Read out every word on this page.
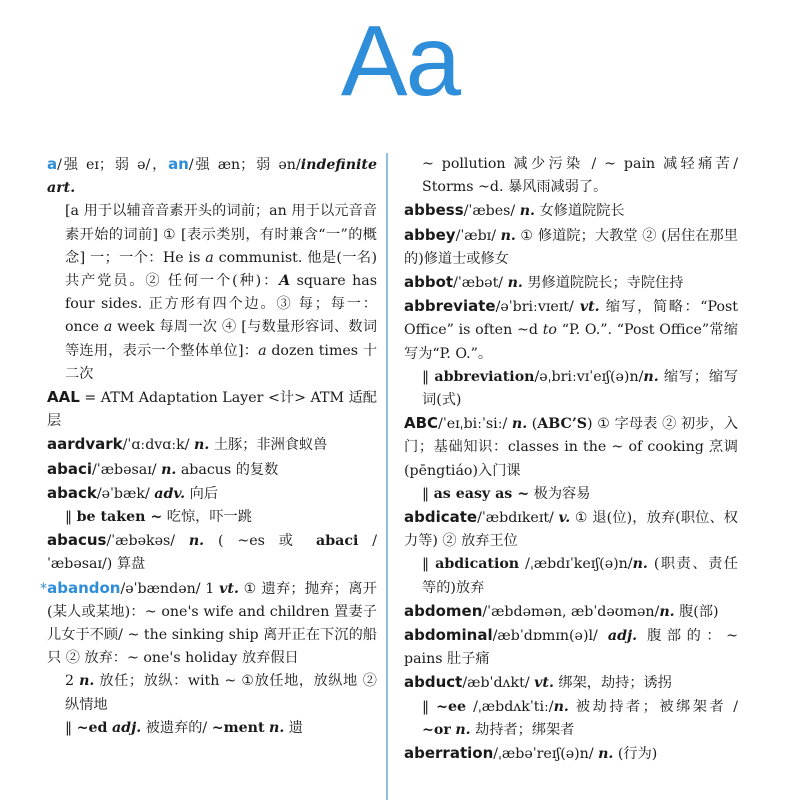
Aa
a/强 eɪ；弱 ə/，an/强 æn；弱 ən/indefinite art.
[a 用于以辅音音素开头的词前；an 用于以元音音素开始的词前] ① [表示类别，有时兼含“一”的概念] 一；一个：He is a communist. 他是(一名)共产党员。② 任何一个(种)：A square has four sides. 正方形有四个边。③ 每；每一：once a week 每周一次 ④ [与数量形容词、数词等连用，表示一个整体单位]：a dozen times 十二次
AAL = ATM Adaptation Layer <计> ATM 适配层
aardvark/ˈɑːdvɑːk/ n. 土豚；非洲食蚁兽
abaci/ˈæbəsaɪ/ n. abacus 的复数
aback/əˈbæk/ adv. 向后
‖ be taken ~ 吃惊，吓一跳
abacus/ˈæbəkəs/ n. ( ~es 或 abaci /ˈæbəsaɪ/) 算盘
*abandon/əˈbændən/ 1 vt. ① 遗弃；抛弃；离开(某人或某地)：~ one's wife and children 置妻子儿女于不顾/ ~ the sinking ship 离开正在下沉的船只 ② 放弃：~ one's holiday 放弃假日
2 n. 放任；放纵：with ~ ①放任地，放纵地 ②纵情地
‖ ~ed adj. 被遗弃的/ ~ment n. 遗
~ pollution 减少污染 / ~ pain 减轻痛苦/ Storms ~d. 暴风雨减弱了。
abbess/ˈæbes/ n. 女修道院院长
abbey/ˈæbɪ/ n. ① 修道院；大教堂 ② (居住在那里的)修道士或修女
abbot/ˈæbət/ n. 男修道院院长；寺院住持
abbreviate/əˈbriːvɪeɪt/ vt. 缩写，简略：“Post Office” is often ~d to “P. O.”. “Post Office”常缩写为“P. O.”。
‖ abbreviation/əˌbriːvɪˈeɪʃ(ə)n/n. 缩写；缩写词(式)
ABC/ˈeɪˌbiːˈsiː/ n. (ABC’S) ① 字母表 ② 初步，入门；基础知识：classes in the ~ of cooking 烹调(pēngtiáo)入门课
‖ as easy as ~ 极为容易
abdicate/ˈæbdɪkeɪt/ v. ① 退(位)，放弃(职位、权力等) ② 放弃王位
‖ abdication /ˌæbdɪˈkeɪʃ(ə)n/n. (职责、责任等的)放弃
abdomen/ˈæbdəmən, æbˈdəʊmən/n. 腹(部)
abdominal/æbˈdɒmɪn(ə)l/ adj. 腹部的：~ pains 肚子痛
abduct/æbˈdʌkt/ vt. 绑架，劫持；诱拐
‖ ~ee /ˌæbdʌkˈtiː/n. 被劫持者；被绑架者 / ~or n. 劫持者；绑架者
aberration/ˌæbəˈreɪʃ(ə)n/ n. (行为)
